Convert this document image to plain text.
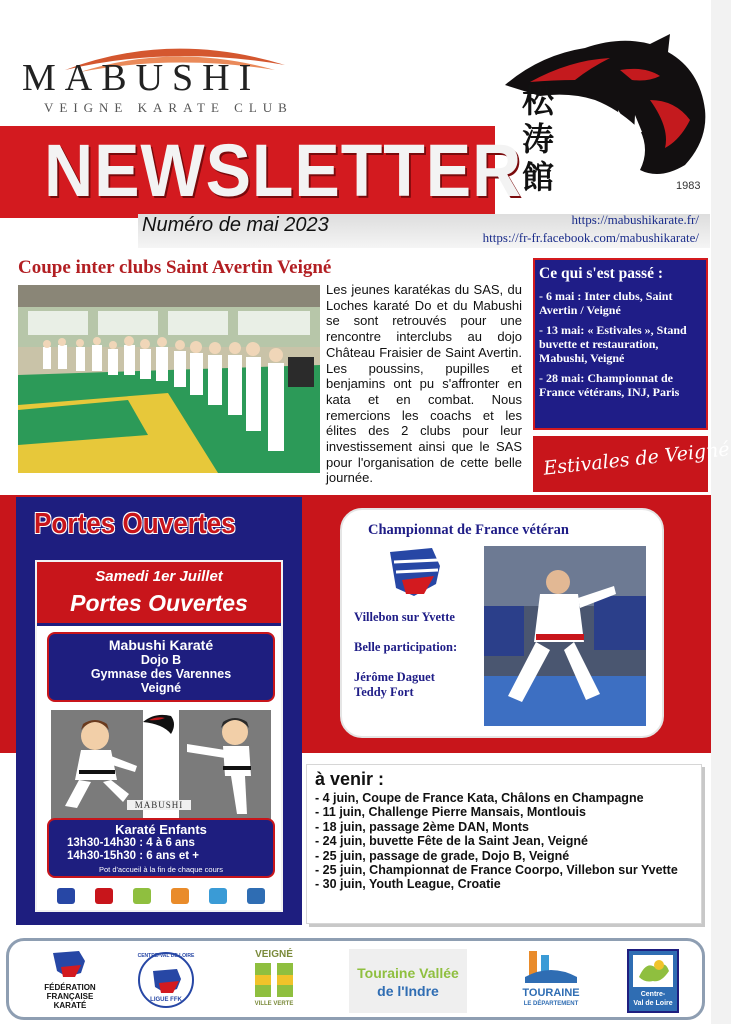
MABUSHI
VEIGNE KARATE CLUB
NEWSLETTER
Numéro de mai 2023	https://mabushikarate.fr/
https://fr-fr.facebook.com/mabushikarate/
松涛館	1983
Coupe inter clubs Saint Avertin Veigné
Les jeunes karatékas du SAS, du Loches karaté Do et du Mabushi se sont retrouvés pour une rencontre interclubs au dojo Château Fraisier de Saint Avertin. Les poussins, pupilles et benjamins ont pu s'affronter en kata et en combat. Nous remercions les coachs et les élites des 2 clubs pour leur investissement ainsi que le SAS pour l'organisation de cette belle journée.
Ce qui s'est passé :
- 6 mai : Inter clubs, Saint Avertin / Veigné
- 13 mai: « Estivales », Stand buvette et restauration, Mabushi, Veigné
- 28 mai: Championnat de France vétérans, INJ, Paris
Estivales de Veigné
Portes Ouvertes
Samedi 1er Juillet
Portes Ouvertes
Mabushi Karaté
Dojo B
Gymnase des Varennes
Veigné
MABUSHI
Karaté Enfants
13h30-14h30 : 4 à 6 ans
14h30-15h30 : 6 ans et +
Pot d'accueil à la fin de chaque cours
Championnat de France vétéran
Villebon sur Yvette
Belle participation:
Jérôme Daguet
Teddy Fort
à venir :
- 4 juin, Coupe de France Kata, Châlons en Champagne
- 11 juin, Challenge Pierre Mansais, Montlouis
- 18 juin, passage 2ème DAN, Monts
- 24 juin, buvette Fête de la Saint Jean, Veigné
- 25 juin, passage de grade, Dojo B, Veigné
- 25 juin, Championnat de France Coorpo, Villebon sur Yvette
- 30 juin, Youth League, Croatie
FÉDÉRATION
FRANÇAISE
KARATÉ
CENTRE-VAL DE LOIRE
LIGUE FFK
VEIGNÉ
VILLE VERTE
Touraine Vallée
de l'Indre	TOURAINE
LE DÉPARTEMENT
Centre-
Val de Loire
